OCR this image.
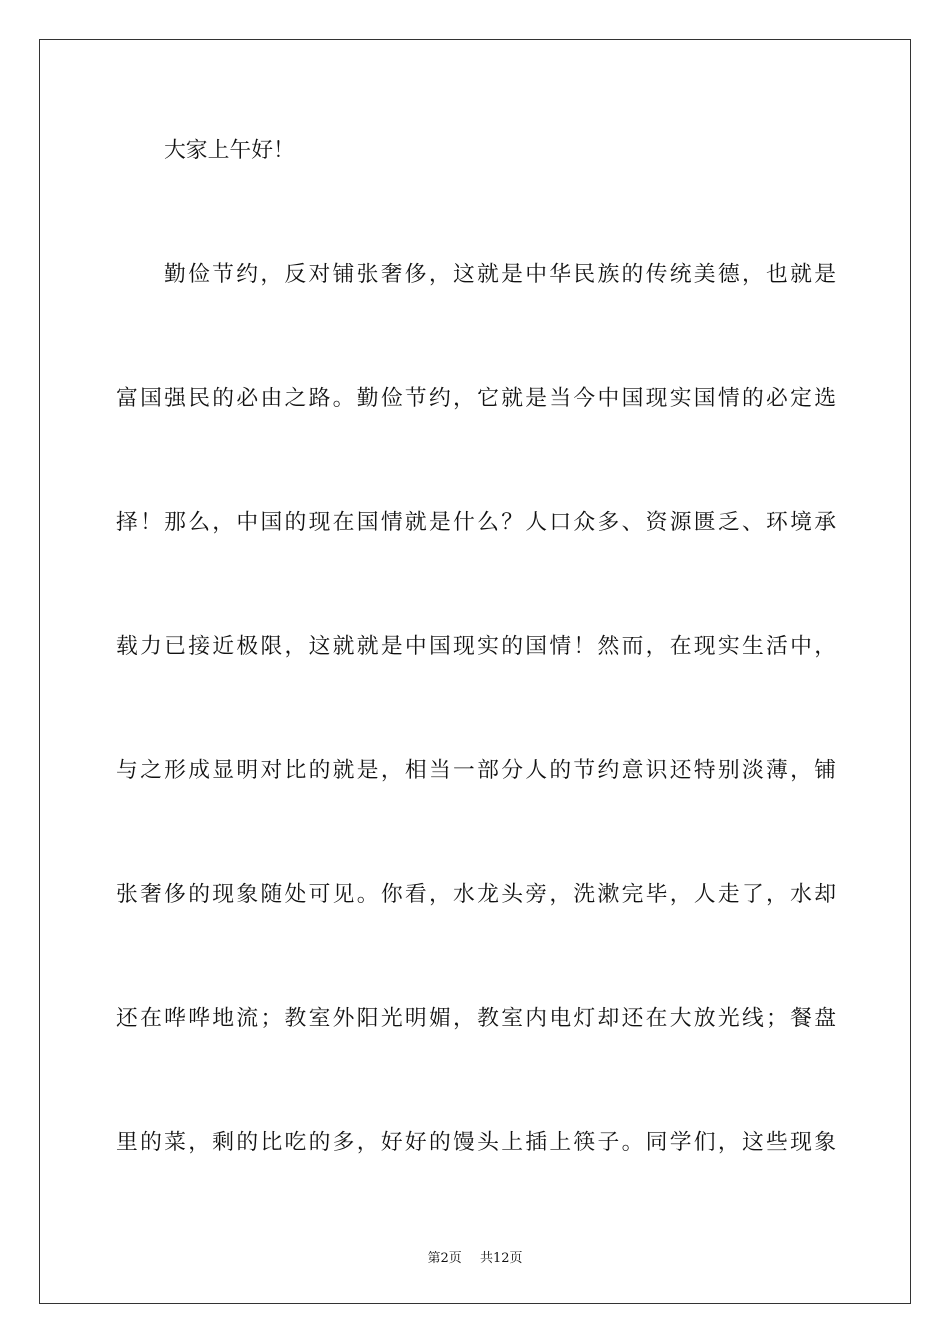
大家上午好！
勤俭节约，反对铺张奢侈，这就是中华民族的传统美德，也就是
富国强民的必由之路。勤俭节约，它就是当今中国现实国情的必定选
择！那么，中国的现在国情就是什么？人口众多、资源匮乏、环境承
载力已接近极限，这就就是中国现实的国情！然而，在现实生活中，
与之形成显明对比的就是，相当一部分人的节约意识还特别淡薄，铺
张奢侈的现象随处可见。你看，水龙头旁，洗漱完毕，人走了，水却
还在哗哗地流；教室外阳光明媚，教室内电灯却还在大放光线；餐盘
里的菜，剩的比吃的多，好好的馒头上插上筷子。同学们，这些现象
第2页 共12页
